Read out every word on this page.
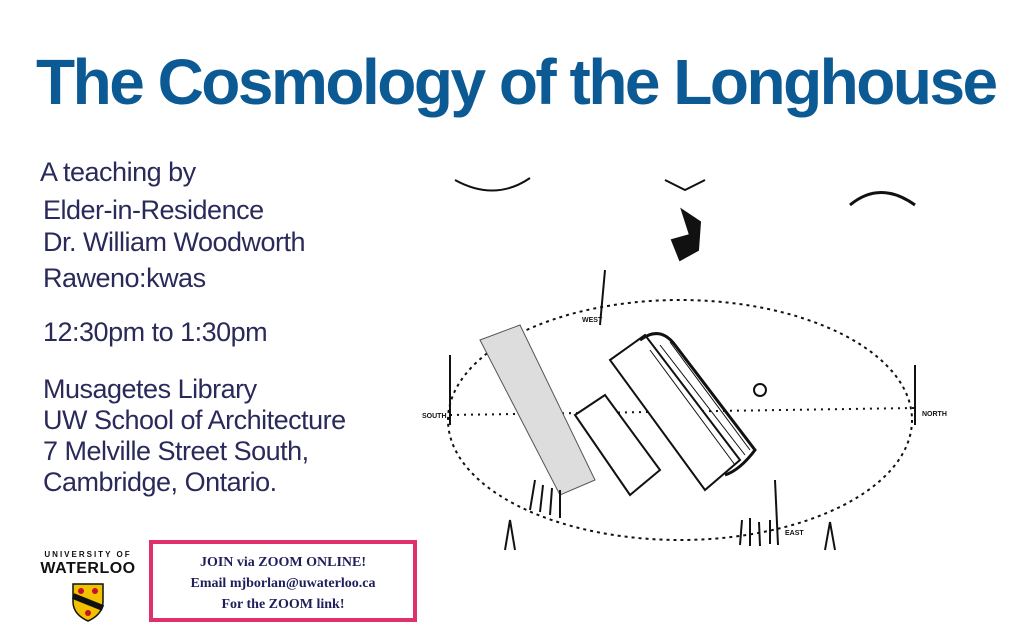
The Cosmology of the Longhouse
A teaching by
Elder-in-Residence
Dr. William Woodworth
Raweno:kwas
12:30pm to 1:30pm
Musagetes Library
UW School of Architecture
7 Melville Street South,
Cambridge, Ontario.
UNIVERSITY OF
WATERLOO	JOIN via ZOOM ONLINE!
Email mjborlan@uwaterloo.ca
For the ZOOM link!
WEST
SOUTH	NORTH
EAST
